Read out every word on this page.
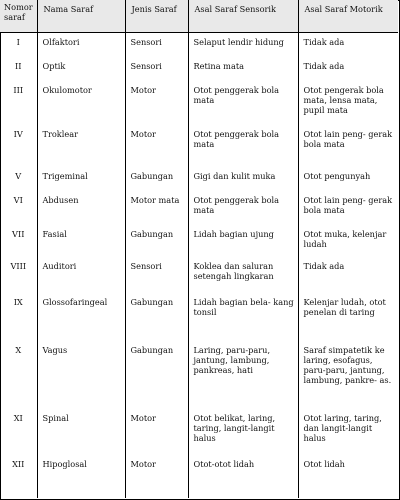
Nomor saraf	Nama Saraf	Jenis Saraf	Asal Saraf Sensorik	Asal Saraf Motorik

I	Olfaktori	Sensori	Selaput lendir hidung	Tidak ada

II	Optik	Sensori	Retina mata	Tidak ada

III	Okulomotor	Motor	Otot penggerak bola mata	Otot pengerak bola mata, lensa mata, pupil mata

IV	Troklear	Motor	Otot penggerak bola mata	Otot lain peng- gerak bola mata

V	Trigeminal	Gabungan	Gigi dan kulit muka	Otot pengunyah

VI	Abdusen	Motor mata	Otot penggerak bola mata	Otot lain peng- gerak bola mata

VII	Fasial	Gabungan	Lidah bagian ujung	Otot muka, kelenjar ludah

VIII	Auditori	Sensori	Koklea dan saluran setengah lingkaran	Tidak ada

IX	Glossofaringeal	Gabungan	Lidah bagian bela- kang tonsil	Kelenjar ludah, otot penelan di taring

X	Vagus	Gabungan	Laring, paru-paru, jantung, lambung, pankreas, hati	Saraf simpatetik ke laring, esofagus, paru-paru, jantung, lambung, pankre- as.

XI	Spinal	Motor	Otot belikat, laring, taring, langit-langit halus	Otot laring, taring, dan langit-langit halus

XII	Hipoglosal	Motor	Otot-otot lidah	Otot lidah
